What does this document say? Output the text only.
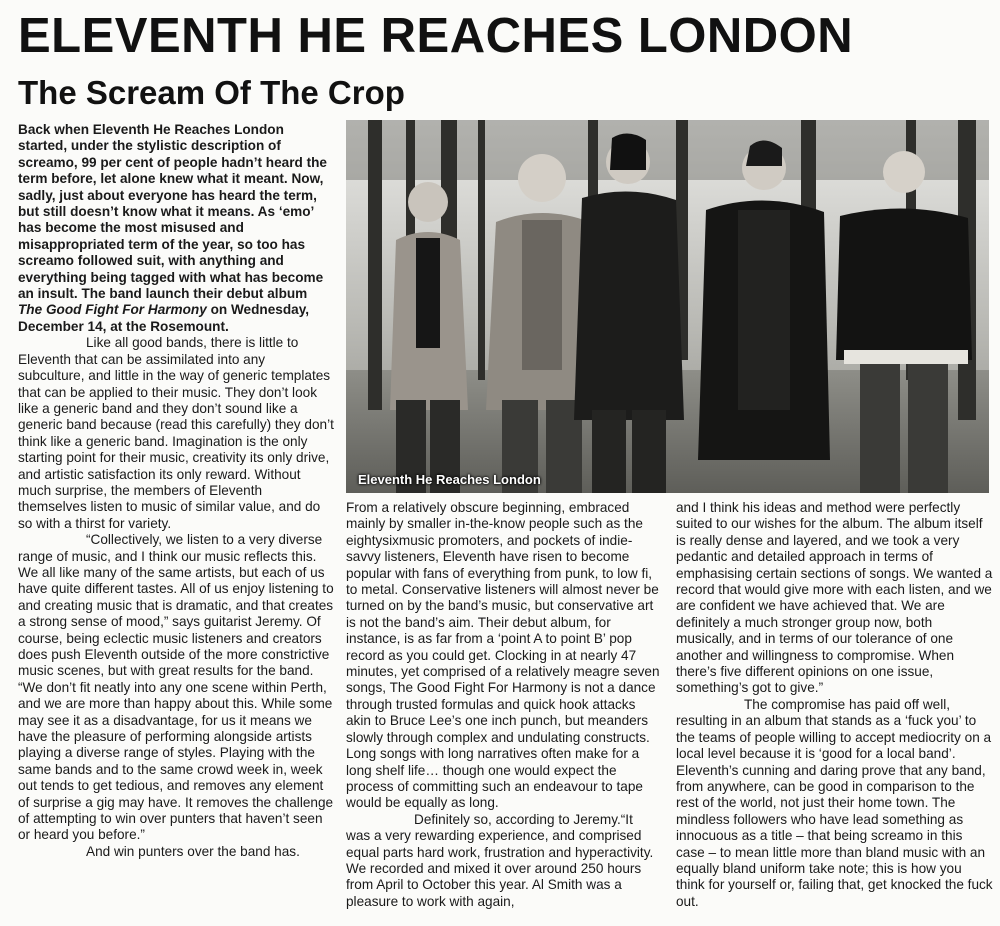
ELEVENTH HE REACHES LONDON
The Scream Of The Crop

Back when Eleventh He Reaches London started, under the stylistic description of screamo, 99 per cent of people hadn’t heard the term before, let alone knew what it meant. Now, sadly, just about everyone has heard the term, but still doesn’t know what it means. As ‘emo’ has become the most misused and misappropriated term of the year, so too has screamo followed suit, with anything and everything being tagged with what has become an insult. The band launch their debut album The Good Fight For Harmony on Wednesday, December 14, at the Rosemount.

Like all good bands, there is little to Eleventh that can be assimilated into any subculture, and little in the way of generic templates that can be applied to their music. They don’t look like a generic band and they don’t sound like a generic band because (read this carefully) they don’t think like a generic band. Imagination is the only starting point for their music, creativity its only drive, and artistic satisfaction its only reward. Without much surprise, the members of Eleventh themselves listen to music of similar value, and do so with a thirst for variety.

“Collectively, we listen to a very diverse range of music, and I think our music reflects this. We all like many of the same artists, but each of us have quite different tastes. All of us enjoy listening to and creating music that is dramatic, and that creates a strong sense of mood,” says guitarist Jeremy. Of course, being eclectic music listeners and creators does push Eleventh outside of the more constrictive music scenes, but with great results for the band. “We don’t fit neatly into any one scene within Perth, and we are more than happy about this. While some may see it as a disadvantage, for us it means we have the pleasure of performing alongside artists playing a diverse range of styles. Playing with the same bands and to the same crowd week in, week out tends to get tedious, and removes any element of surprise a gig may have. It removes the challenge of attempting to win over punters that haven’t seen or heard you before.”

And win punters over the band has.

Eleventh He Reaches London

From a relatively obscure beginning, embraced mainly by smaller in-the-know people such as the eightysixmusic promoters, and pockets of indie-savvy listeners, Eleventh have risen to become popular with fans of everything from punk, to low fi, to metal. Conservative listeners will almost never be turned on by the band’s music, but conservative art is not the band’s aim. Their debut album, for instance, is as far from a ‘point A to point B’ pop record as you could get. Clocking in at nearly 47 minutes, yet comprised of a relatively meagre seven songs, The Good Fight For Harmony is not a dance through trusted formulas and quick hook attacks akin to Bruce Lee’s one inch punch, but meanders slowly through complex and undulating constructs. Long songs with long narratives often make for a long shelf life… though one would expect the process of committing such an endeavour to tape would be equally as long.

Definitely so, according to Jeremy.“It was a very rewarding experience, and comprised equal parts hard work, frustration and hyperactivity. We recorded and mixed it over around 250 hours from April to October this year. Al Smith was a pleasure to work with again,

and I think his ideas and method were perfectly suited to our wishes for the album. The album itself is really dense and layered, and we took a very pedantic and detailed approach in terms of emphasising certain sections of songs. We wanted a record that would give more with each listen, and we are confident we have achieved that. We are definitely a much stronger group now, both musically, and in terms of our tolerance of one another and willingness to compromise. When there’s five different opinions on one issue, something’s got to give.”

The compromise has paid off well, resulting in an album that stands as a ‘fuck you’ to the teams of people willing to accept mediocrity on a local level because it is ‘good for a local band’. Eleventh’s cunning and daring prove that any band, from anywhere, can be good in comparison to the rest of the world, not just their home town. The mindless followers who have lead something as innocuous as a title – that being screamo in this case – to mean little more than bland music with an equally bland uniform take note; this is how you think for yourself or, failing that, get knocked the fuck out.
